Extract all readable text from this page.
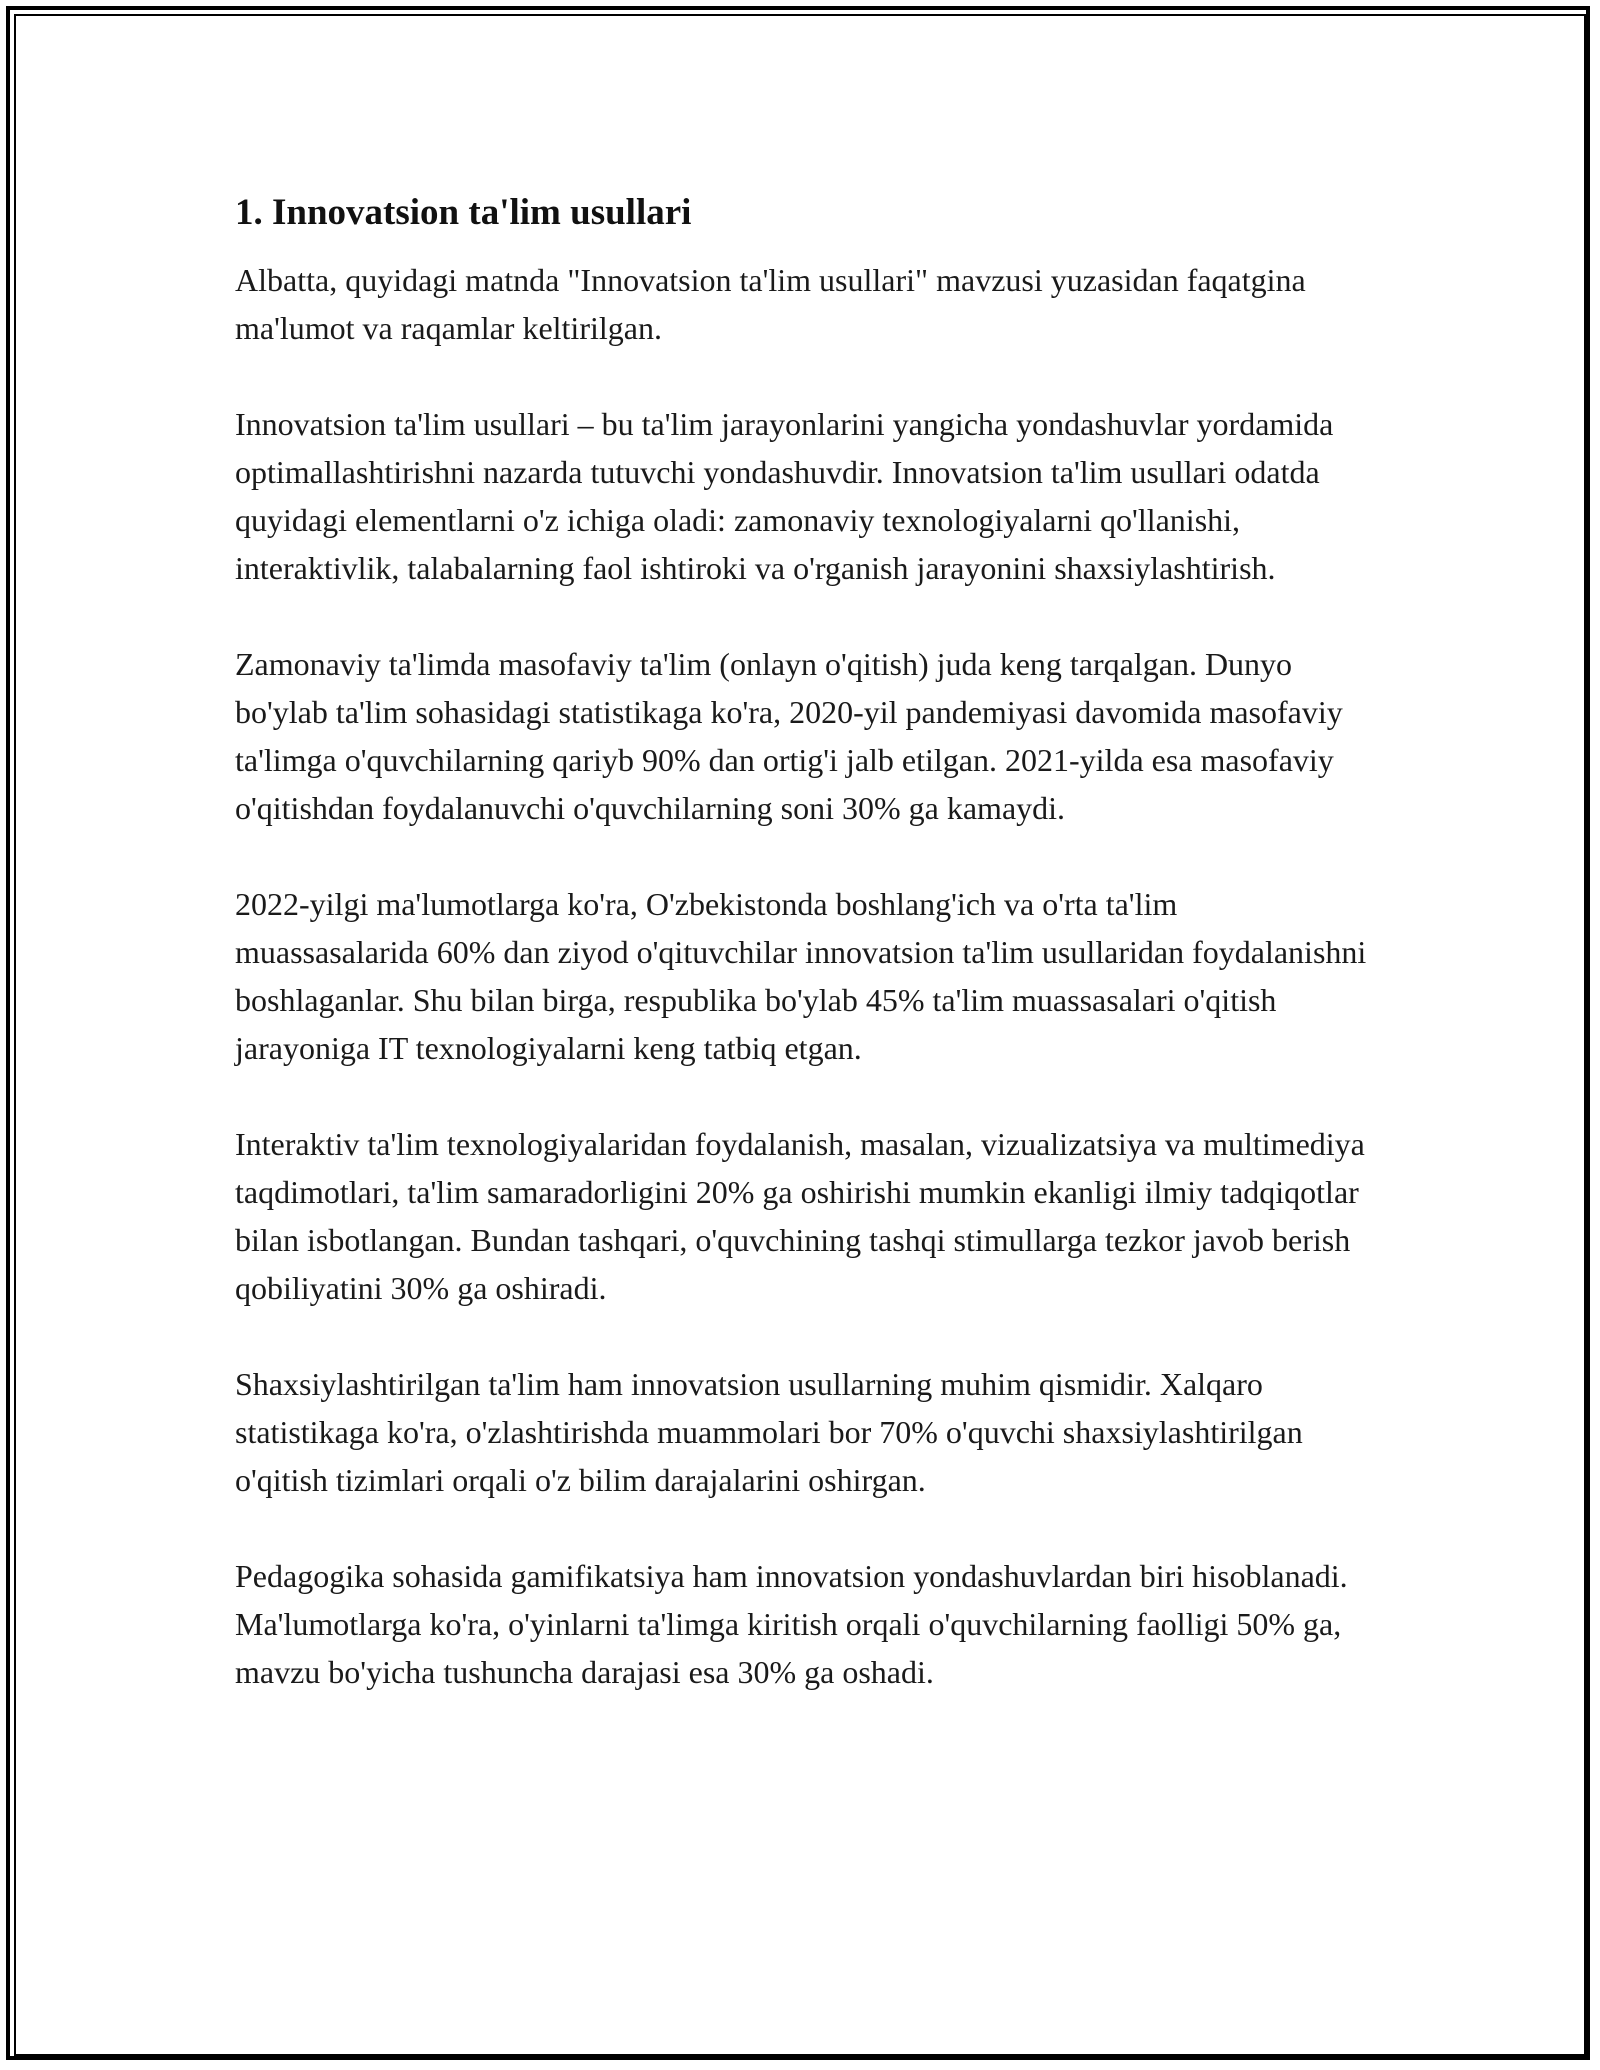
1. Innovatsion ta'lim usullari

Albatta, quyidagi matnda "Innovatsion ta'lim usullari" mavzusi yuzasidan faqatgina ma'lumot va raqamlar keltirilgan.

Innovatsion ta'lim usullari – bu ta'lim jarayonlarini yangicha yondashuvlar yordamida optimallashtirishni nazarda tutuvchi yondashuvdir. Innovatsion ta'lim usullari odatda quyidagi elementlarni o'z ichiga oladi: zamonaviy texnologiyalarni qo'llanishi, interaktivlik, talabalarning faol ishtiroki va o'rganish jarayonini shaxsiylashtirish.

Zamonaviy ta'limda masofaviy ta'lim (onlayn o'qitish) juda keng tarqalgan. Dunyo bo'ylab ta'lim sohasidagi statistikaga ko'ra, 2020-yil pandemiyasi davomida masofaviy ta'limga o'quvchilarning qariyb 90% dan ortig'i jalb etilgan. 2021-yilda esa masofaviy o'qitishdan foydalanuvchi o'quvchilarning soni 30% ga kamaydi.

2022-yilgi ma'lumotlarga ko'ra, O'zbekistonda boshlang'ich va o'rta ta'lim muassasalarida 60% dan ziyod o'qituvchilar innovatsion ta'lim usullaridan foydalanishni boshlaganlar. Shu bilan birga, respublika bo'ylab 45% ta'lim muassasalari o'qitish jarayoniga IT texnologiyalarni keng tatbiq etgan.

Interaktiv ta'lim texnologiyalaridan foydalanish, masalan, vizualizatsiya va multimediya taqdimotlari, ta'lim samaradorligini 20% ga oshirishi mumkin ekanligi ilmiy tadqiqotlar bilan isbotlangan. Bundan tashqari, o'quvchining tashqi stimullarga tezkor javob berish qobiliyatini 30% ga oshiradi.

Shaxsiylashtirilgan ta'lim ham innovatsion usullarning muhim qismidir. Xalqaro statistikaga ko'ra, o'zlashtirishda muammolari bor 70% o'quvchi shaxsiylashtirilgan o'qitish tizimlari orqali o'z bilim darajalarini oshirgan.

Pedagogika sohasida gamifikatsiya ham innovatsion yondashuvlardan biri hisoblanadi. Ma'lumotlarga ko'ra, o'yinlarni ta'limga kiritish orqali o'quvchilarning faolligi 50% ga, mavzu bo'yicha tushuncha darajasi esa 30% ga oshadi.
